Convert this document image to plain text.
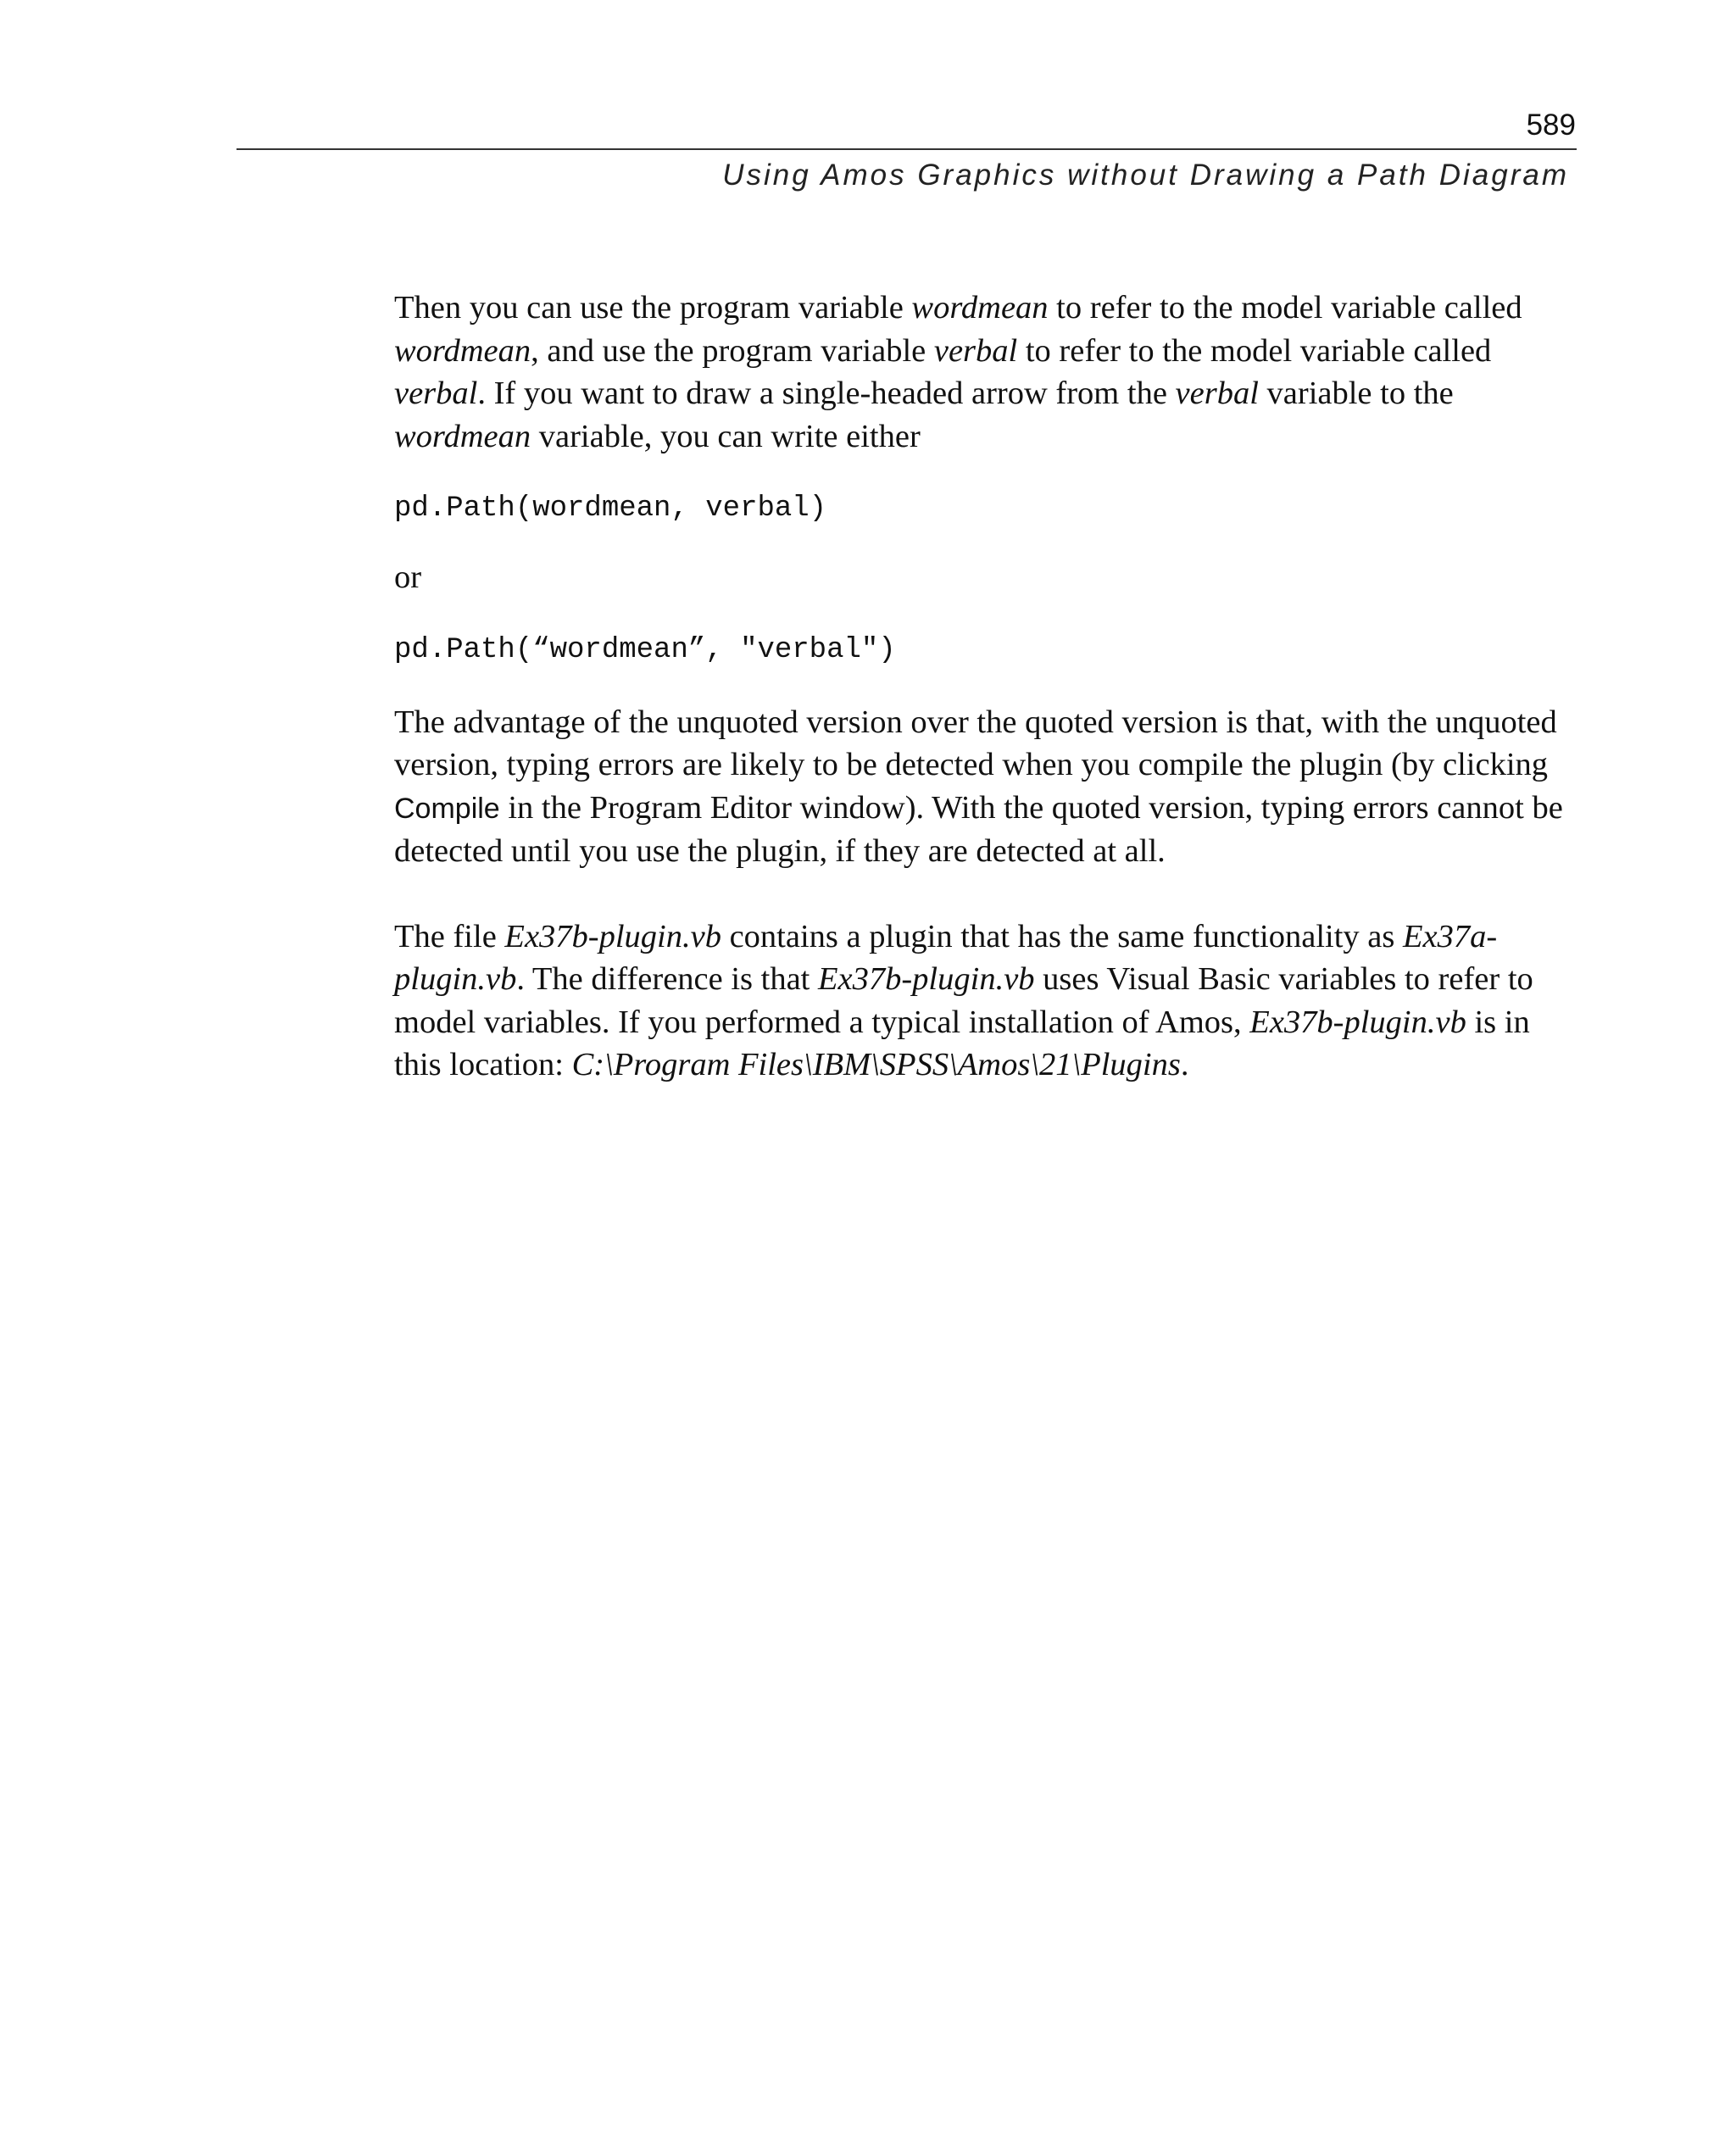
589
Using Amos Graphics without Drawing a Path Diagram

Then you can use the program variable wordmean to refer to the model variable called wordmean, and use the program variable verbal to refer to the model variable called verbal. If you want to draw a single-headed arrow from the verbal variable to the wordmean variable, you can write either

pd.Path(wordmean, verbal)

or

pd.Path(“wordmean”, "verbal")

The advantage of the unquoted version over the quoted version is that, with the unquoted version, typing errors are likely to be detected when you compile the plugin (by clicking Compile in the Program Editor window). With the quoted version, typing errors cannot be detected until you use the plugin, if they are detected at all.

The file Ex37b-plugin.vb contains a plugin that has the same functionality as Ex37a-plugin.vb. The difference is that Ex37b-plugin.vb uses Visual Basic variables to refer to model variables. If you performed a typical installation of Amos, Ex37b-plugin.vb is in this location: C:\Program Files\IBM\SPSS\Amos\21\Plugins.
